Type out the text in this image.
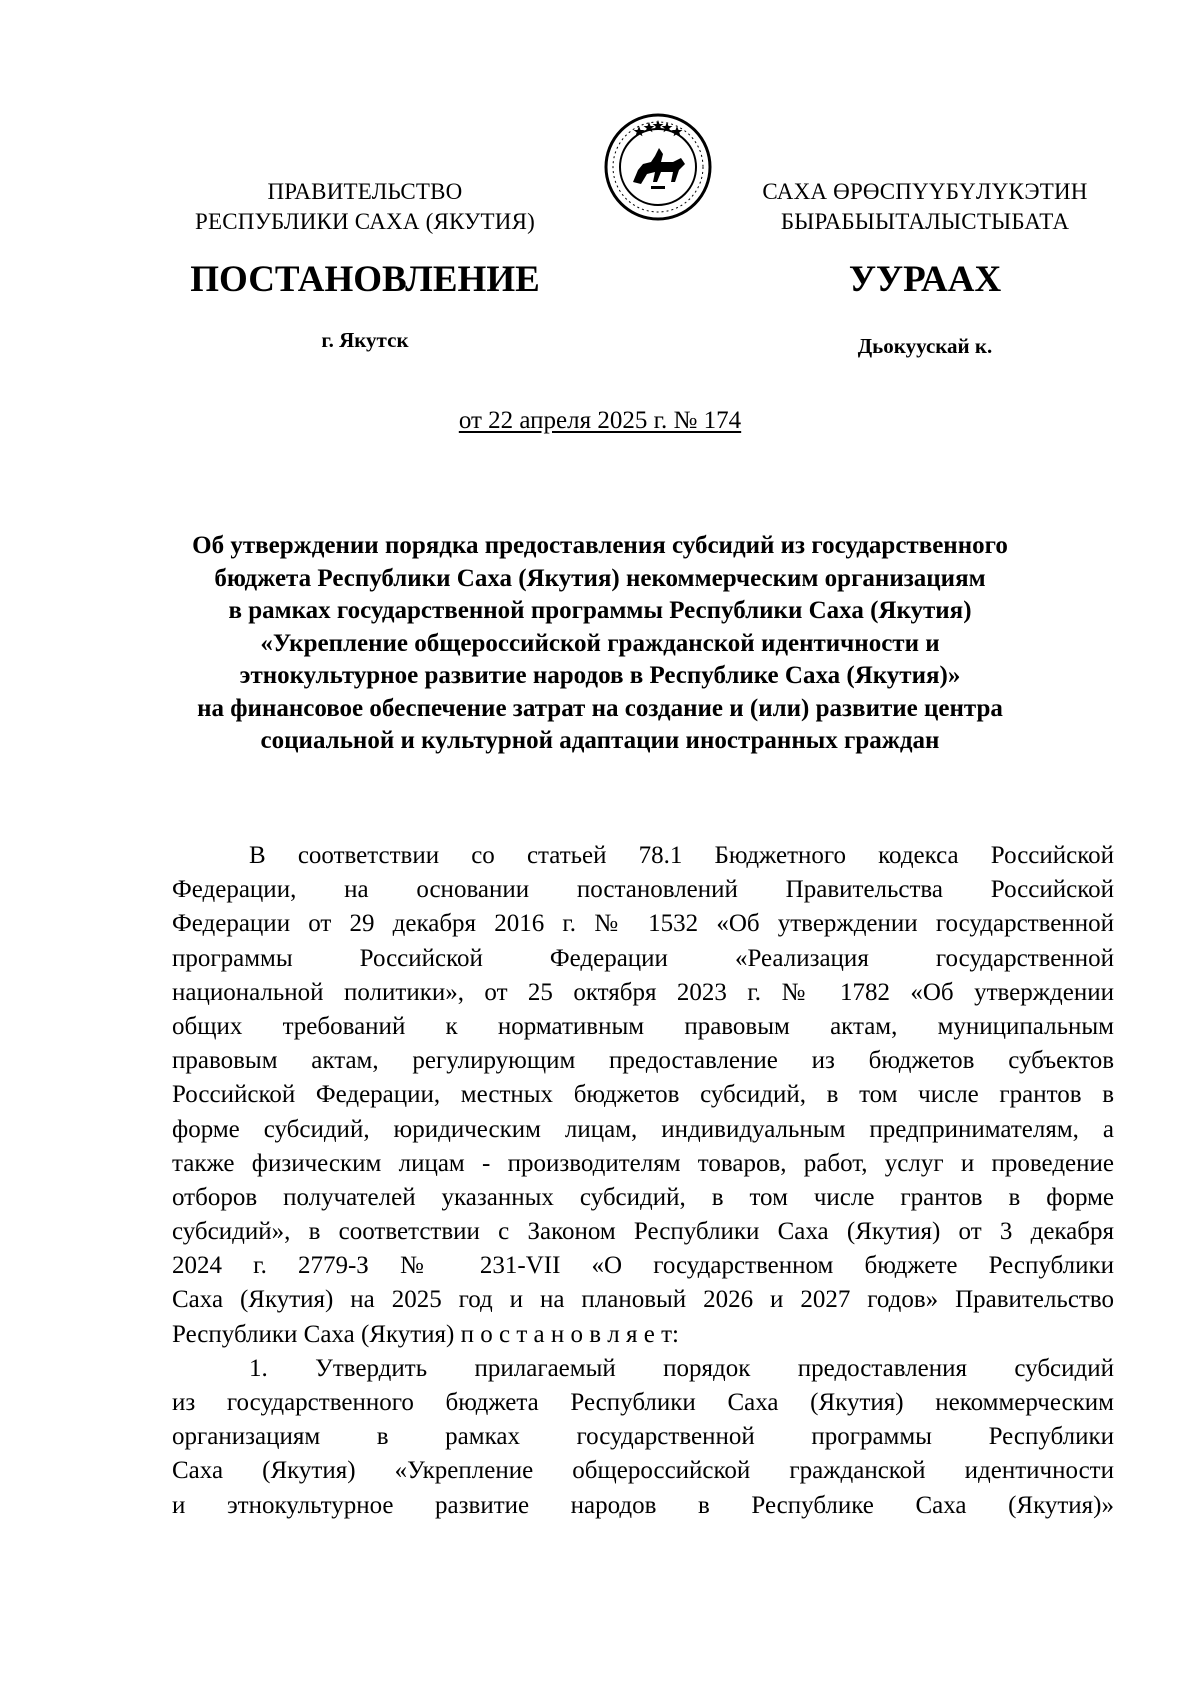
ПРАВИТЕЛЬСТВО
РЕСПУБЛИКИ САХА (ЯКУТИЯ)
САХА ӨРӨСПҮҮБҮЛҮКЭТИН
БЫРАБЫЫТАЛЫСТЫБАТА
ПОСТАНОВЛЕНИЕ	УУРААХ
г. Якутск	Дьокуускай к.
от 22 апреля 2025 г. № 174
Об утверждении порядка предоставления субсидий из государственного
бюджета Республики Саха (Якутия) некоммерческим организациям
в рамках государственной программы Республики Саха (Якутия)
«Укрепление общероссийской гражданской идентичности и
этнокультурное развитие народов в Республике Саха (Якутия)»
на финансовое обеспечение затрат на создание и (или) развитие центра
социальной и культурной адаптации иностранных граждан
В соответствии со статьей 78.1 Бюджетного кодекса Российской
Федерации, на основании постановлений Правительства Российской
Федерации от 29 декабря 2016 г. № 1532 «Об утверждении государственной
программы Российской Федерации «Реализация государственной
национальной политики», от 25 октября 2023 г. № 1782 «Об утверждении
общих требований к нормативным правовым актам, муниципальным
правовым актам, регулирующим предоставление из бюджетов субъектов
Российской Федерации, местных бюджетов субсидий, в том числе грантов в
форме субсидий, юридическим лицам, индивидуальным предпринимателям, а
также физическим лицам - производителям товаров, работ, услуг и проведение
отборов получателей указанных субсидий, в том числе грантов в форме
субсидий», в соответствии с Законом Республики Саха (Якутия) от 3 декабря
2024 г. 2779-З № 231-VII «О государственном бюджете Республики
Саха (Якутия) на 2025 год и на плановый 2026 и 2027 годов» Правительство
Республики Саха (Якутия) п о с т а н о в л я е т:
1. Утвердить прилагаемый порядок предоставления субсидий
из государственного бюджета Республики Саха (Якутия) некоммерческим
организациям в рамках государственной программы Республики
Саха (Якутия) «Укрепление общероссийской гражданской идентичности
и этнокультурное развитие народов в Республике Саха (Якутия)»
